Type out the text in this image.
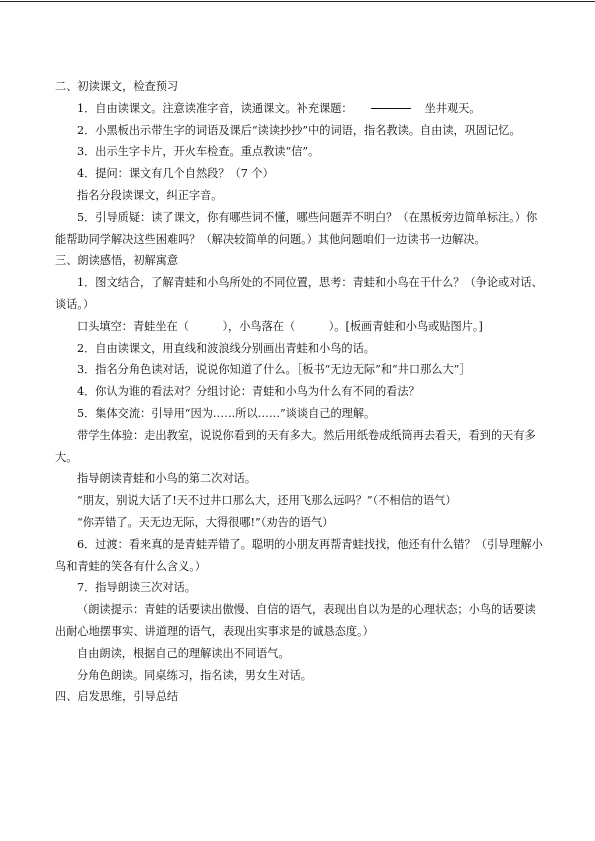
二、初读课文，检查预习

1．自由读课文。注意读准字音，读通课文。补充课题：	坐井观天。

2．小黑板出示带生字的词语及课后“读读抄抄”中的词语，指名教读。自由读，巩固记忆。

3．出示生字卡片，开火车检查。重点教读“信”。

4．提问：课文有几个自然段？（7 个）

指名分段读课文，纠正字音。

5．引导质疑：读了课文，你有哪些词不懂，哪些问题弄不明白？（在黑板旁边简单标注。）你能帮助同学解决这些困难吗？（解决较简单的问题。）其他问题咱们一边读书一边解决。

三、朗读感悟，初解寓意

1．图文结合，了解青蛙和小鸟所处的不同位置，思考：青蛙和小鸟在干什么？（争论或对话、谈话。）

口头填空：青蛙坐在（　　　），小鸟落在（　　　）。[板画青蛙和小鸟或贴图片。]

2．自由读课文，用直线和波浪线分别画出青蛙和小鸟的话。

3．指名分角色读对话，说说你知道了什么。［板书“无边无际”和“井口那么大”］

4．你认为谁的看法对？分组讨论：青蛙和小鸟为什么有不同的看法？

5．集体交流：引导用“因为……所以……”谈谈自己的理解。

带学生体验：走出教室，说说你看到的天有多大。然后用纸卷成纸筒再去看天，看到的天有多大。

指导朗读青蛙和小鸟的第二次对话。

“朋友，别说大话了!天不过井口那么大，还用飞那么远吗？”（不相信的语气）

“你弄错了。天无边无际，大得很哪!”（劝告的语气）

6．过渡：看来真的是青蛙弄错了。聪明的小朋友再帮青蛙找找，他还有什么错？（引导理解小鸟和青蛙的笑各有什么含义。）

7．指导朗读三次对话。

（朗读提示：青蛙的话要读出傲慢、自信的语气，表现出自以为是的心理状态；小鸟的话要读出耐心地摆事实、讲道理的语气，表现出实事求是的诚恳态度。）

自由朗读，根据自己的理解读出不同语气。

分角色朗读。同桌练习，指名读，男女生对话。

四、启发思维，引导总结
